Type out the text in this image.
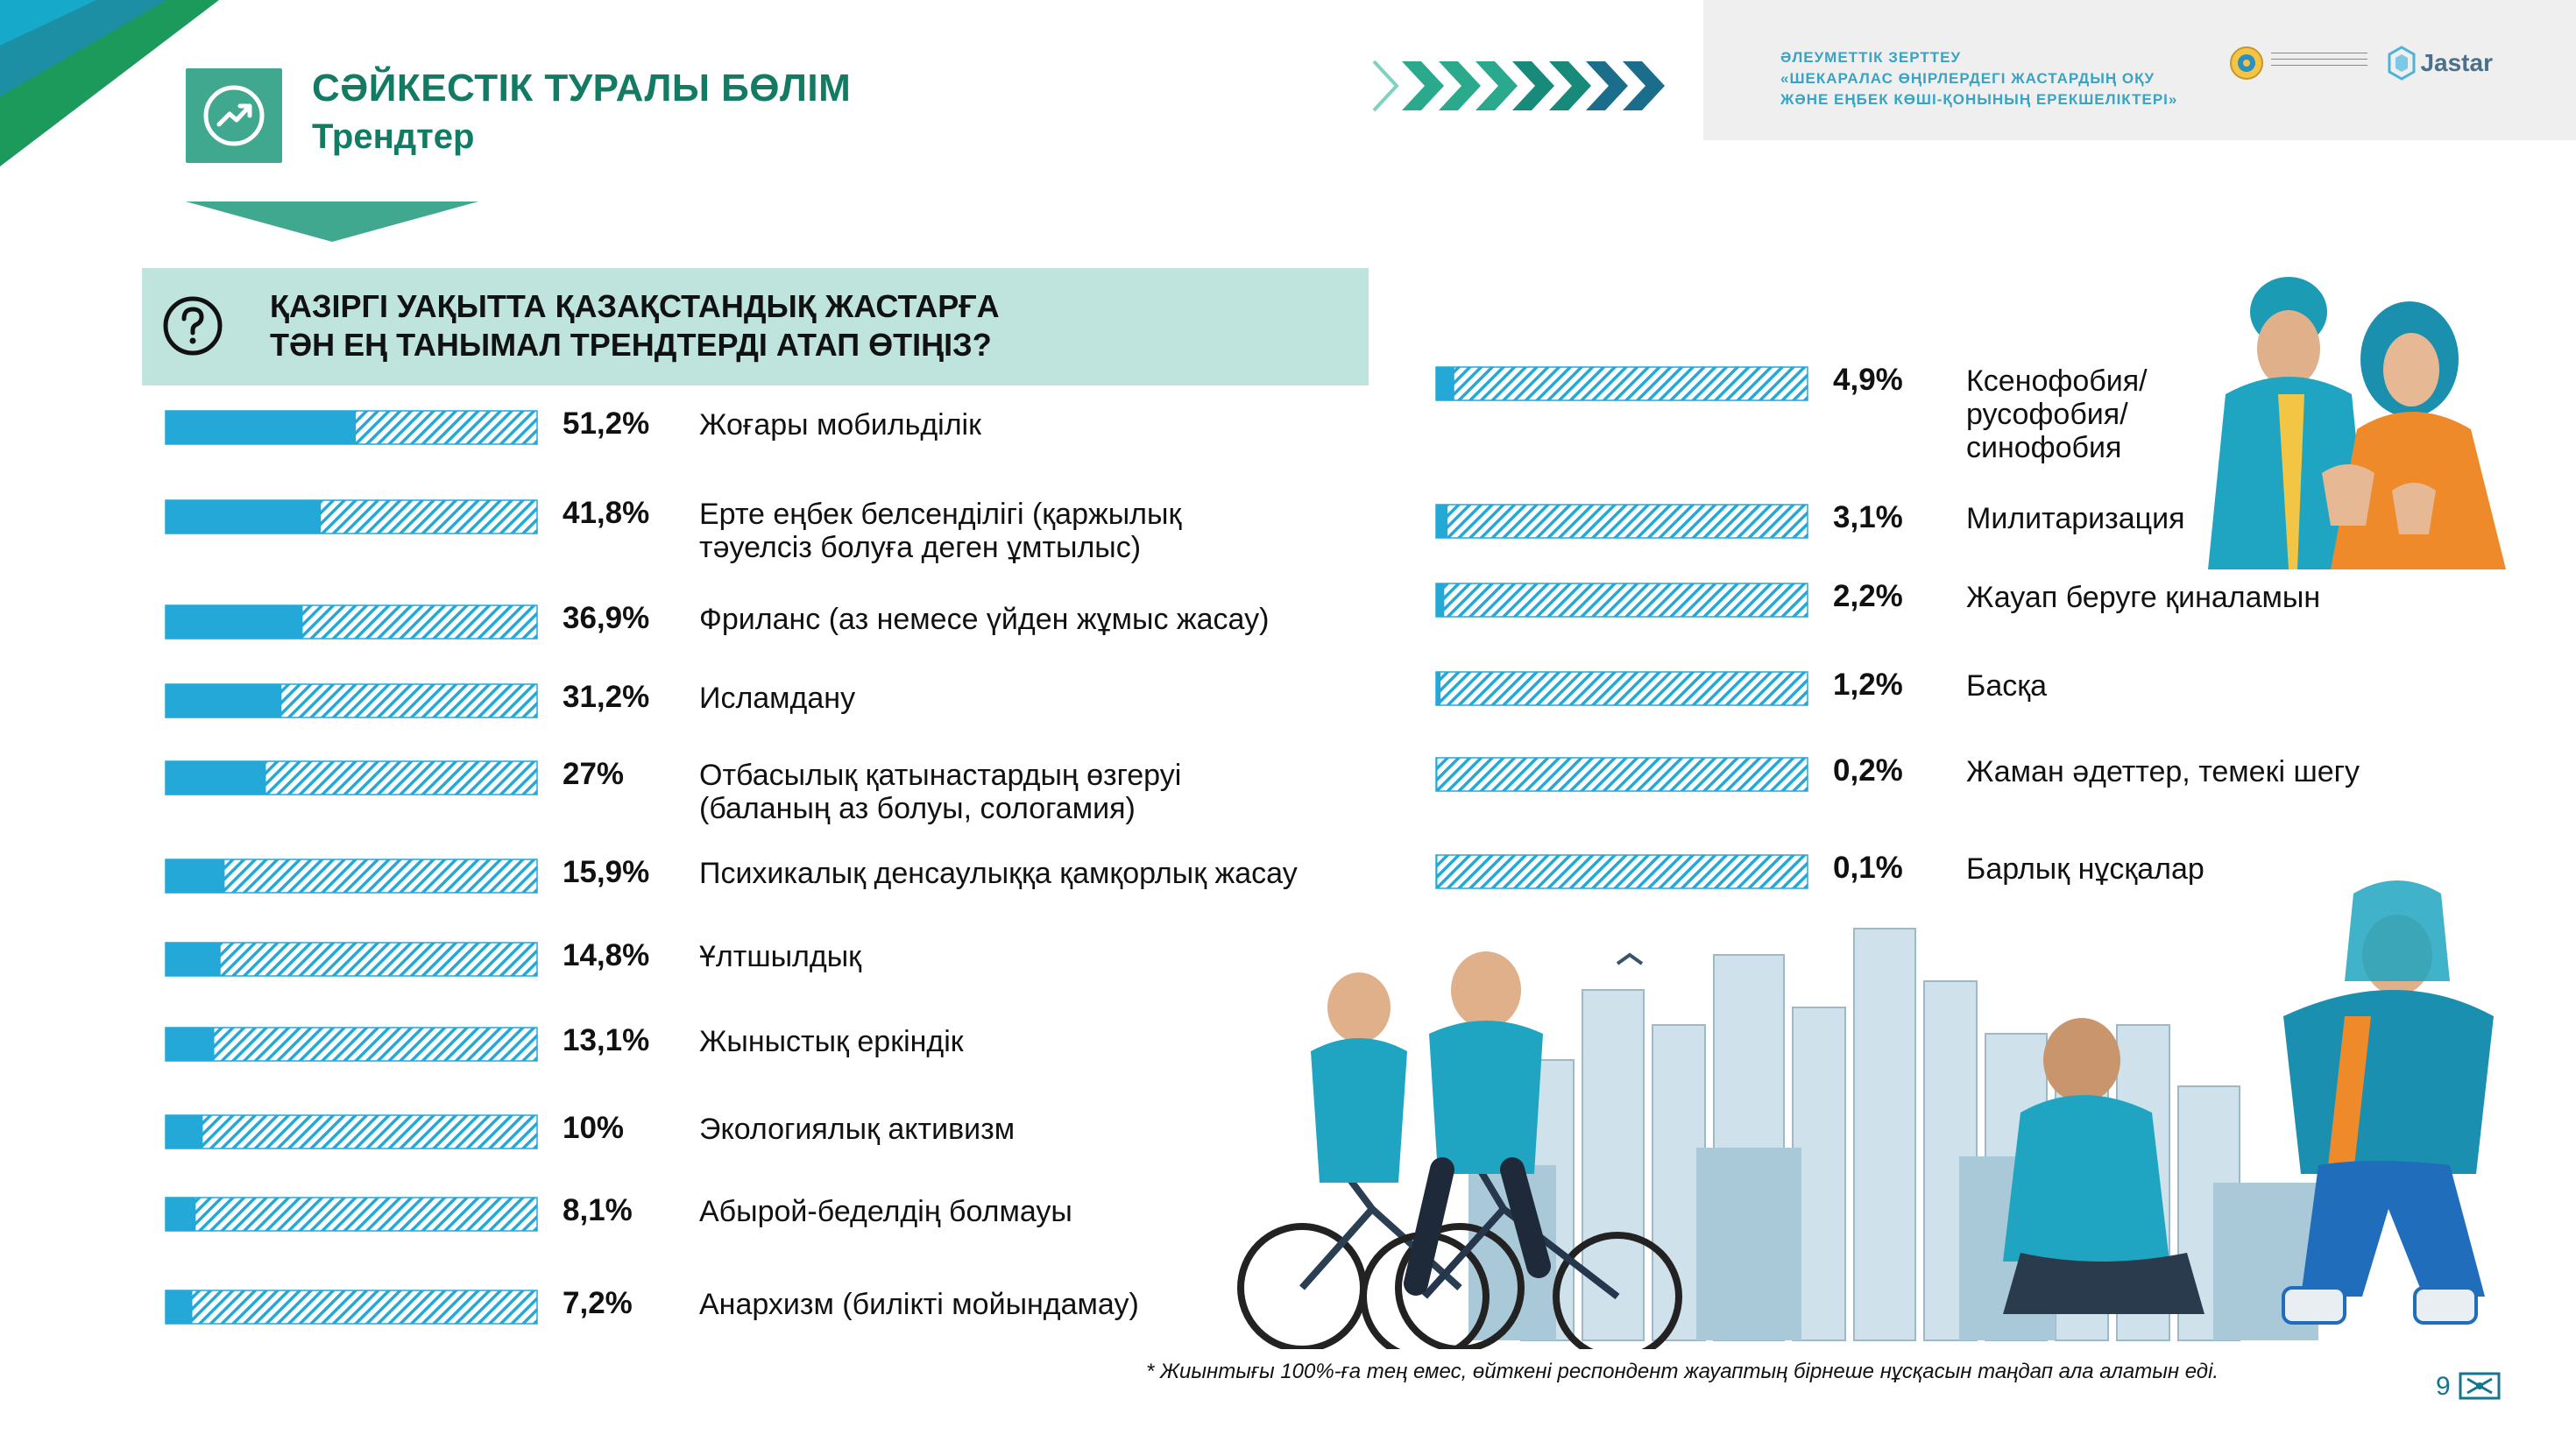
СӘЙКЕСТІК ТУРАЛЫ БӨЛІМ
Трендтер
ӘЛЕУМЕТТІК ЗЕРТТЕУ
«ШЕКАРАЛАС ӨҢІРЛЕРДЕГІ ЖАСТАРДЫҢ ОҚУ
ЖӘНЕ ЕҢБЕК КӨШІ-ҚОНЫНЫҢ ЕРЕКШЕЛІКТЕРІ»
Jastar
ҚАЗІРГІ УАҚЫТТА ҚАЗАҚСТАНДЫҚ ЖАСТАРҒА
ТӘН ЕҢ ТАНЫМАЛ ТРЕНДТЕРДІ АТАП ӨТІҢІЗ?
51,2% Жоғары мобильділік
41,8% Ерте еңбек белсенділігі (қаржылық
тәуелсіз болуға деген ұмтылыс)
36,9% Фриланс (аз немесе үйден жұмыс жасау)
31,2% Исламдану
27%	Отбасылық қатынастардың өзгеруі
(баланың аз болуы, сологамия)
15,9% Психикалық денсаулыққа қамқорлық жасау
14,8% Ұлтшылдық
13,1% Жыныстық еркіндік
10%	Экологиялық активизм
8,1% Абырой-беделдің болмауы
7,2% Анархизм (билікті мойындамау)
4,9% Ксенофобия/
русофобия/
синофобия
3,1% Милитаризация
2,2% Жауап беруге қиналамын
1,2% Басқа
0,2% Жаман әдеттер, темекі шегу
0,1% Барлық нұсқалар
* Жиынтығы 100%-ға тең емес, өйткені респондент жауаптың бірнеше нұсқасын таңдап ала алатын еді.
9
